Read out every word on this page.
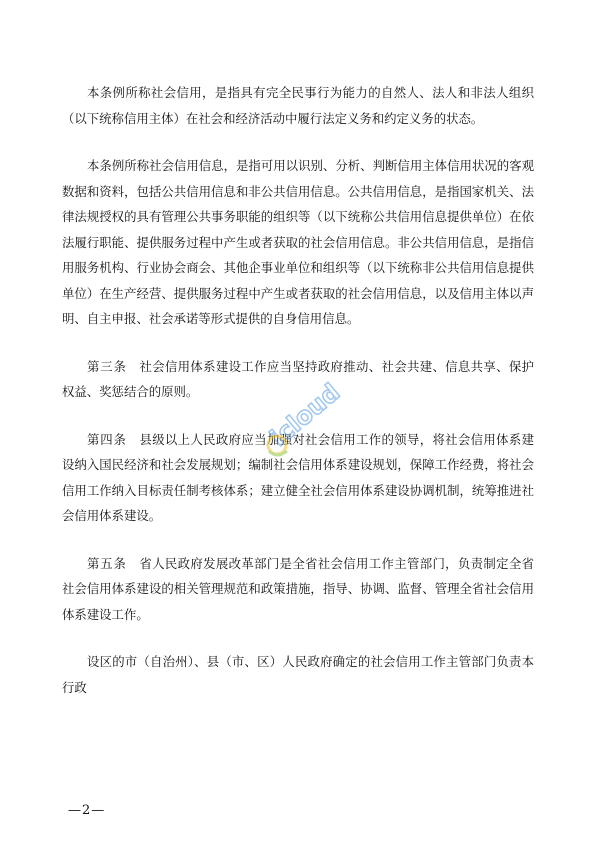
本条例所称社会信用，是指具有完全民事行为能力的自然人、法人和非法人组织（以下统称信用主体）在社会和经济活动中履行法定义务和约定义务的状态。

本条例所称社会信用信息，是指可用以识别、分析、判断信用主体信用状况的客观数据和资料，包括公共信用信息和非公共信用信息。公共信用信息，是指国家机关、法律法规授权的具有管理公共事务职能的组织等（以下统称公共信用信息提供单位）在依法履行职能、提供服务过程中产生或者获取的社会信用信息。非公共信用信息，是指信用服务机构、行业协会商会、其他企事业单位和组织等（以下统称非公共信用信息提供单位）在生产经营、提供服务过程中产生或者获取的社会信用信息，以及信用主体以声明、自主申报、社会承诺等形式提供的自身信用信息。

第三条  社会信用体系建设工作应当坚持政府推动、社会共建、信息共享、保护权益、奖惩结合的原则。

第四条  县级以上人民政府应当加强对社会信用工作的领导，将社会信用体系建设纳入国民经济和社会发展规划；编制社会信用体系建设规划，保障工作经费，将社会信用工作纳入目标责任制考核体系；建立健全社会信用体系建设协调机制，统筹推进社会信用体系建设。

第五条  省人民政府发展改革部门是全省社会信用工作主管部门，负责制定全省社会信用体系建设的相关管理规范和政策措施，指导、协调、监督、管理全省社会信用体系建设工作。

设区的市（自治州）、县（市、区）人民政府确定的社会信用工作主管部门负责本行政

icloud
—2—
